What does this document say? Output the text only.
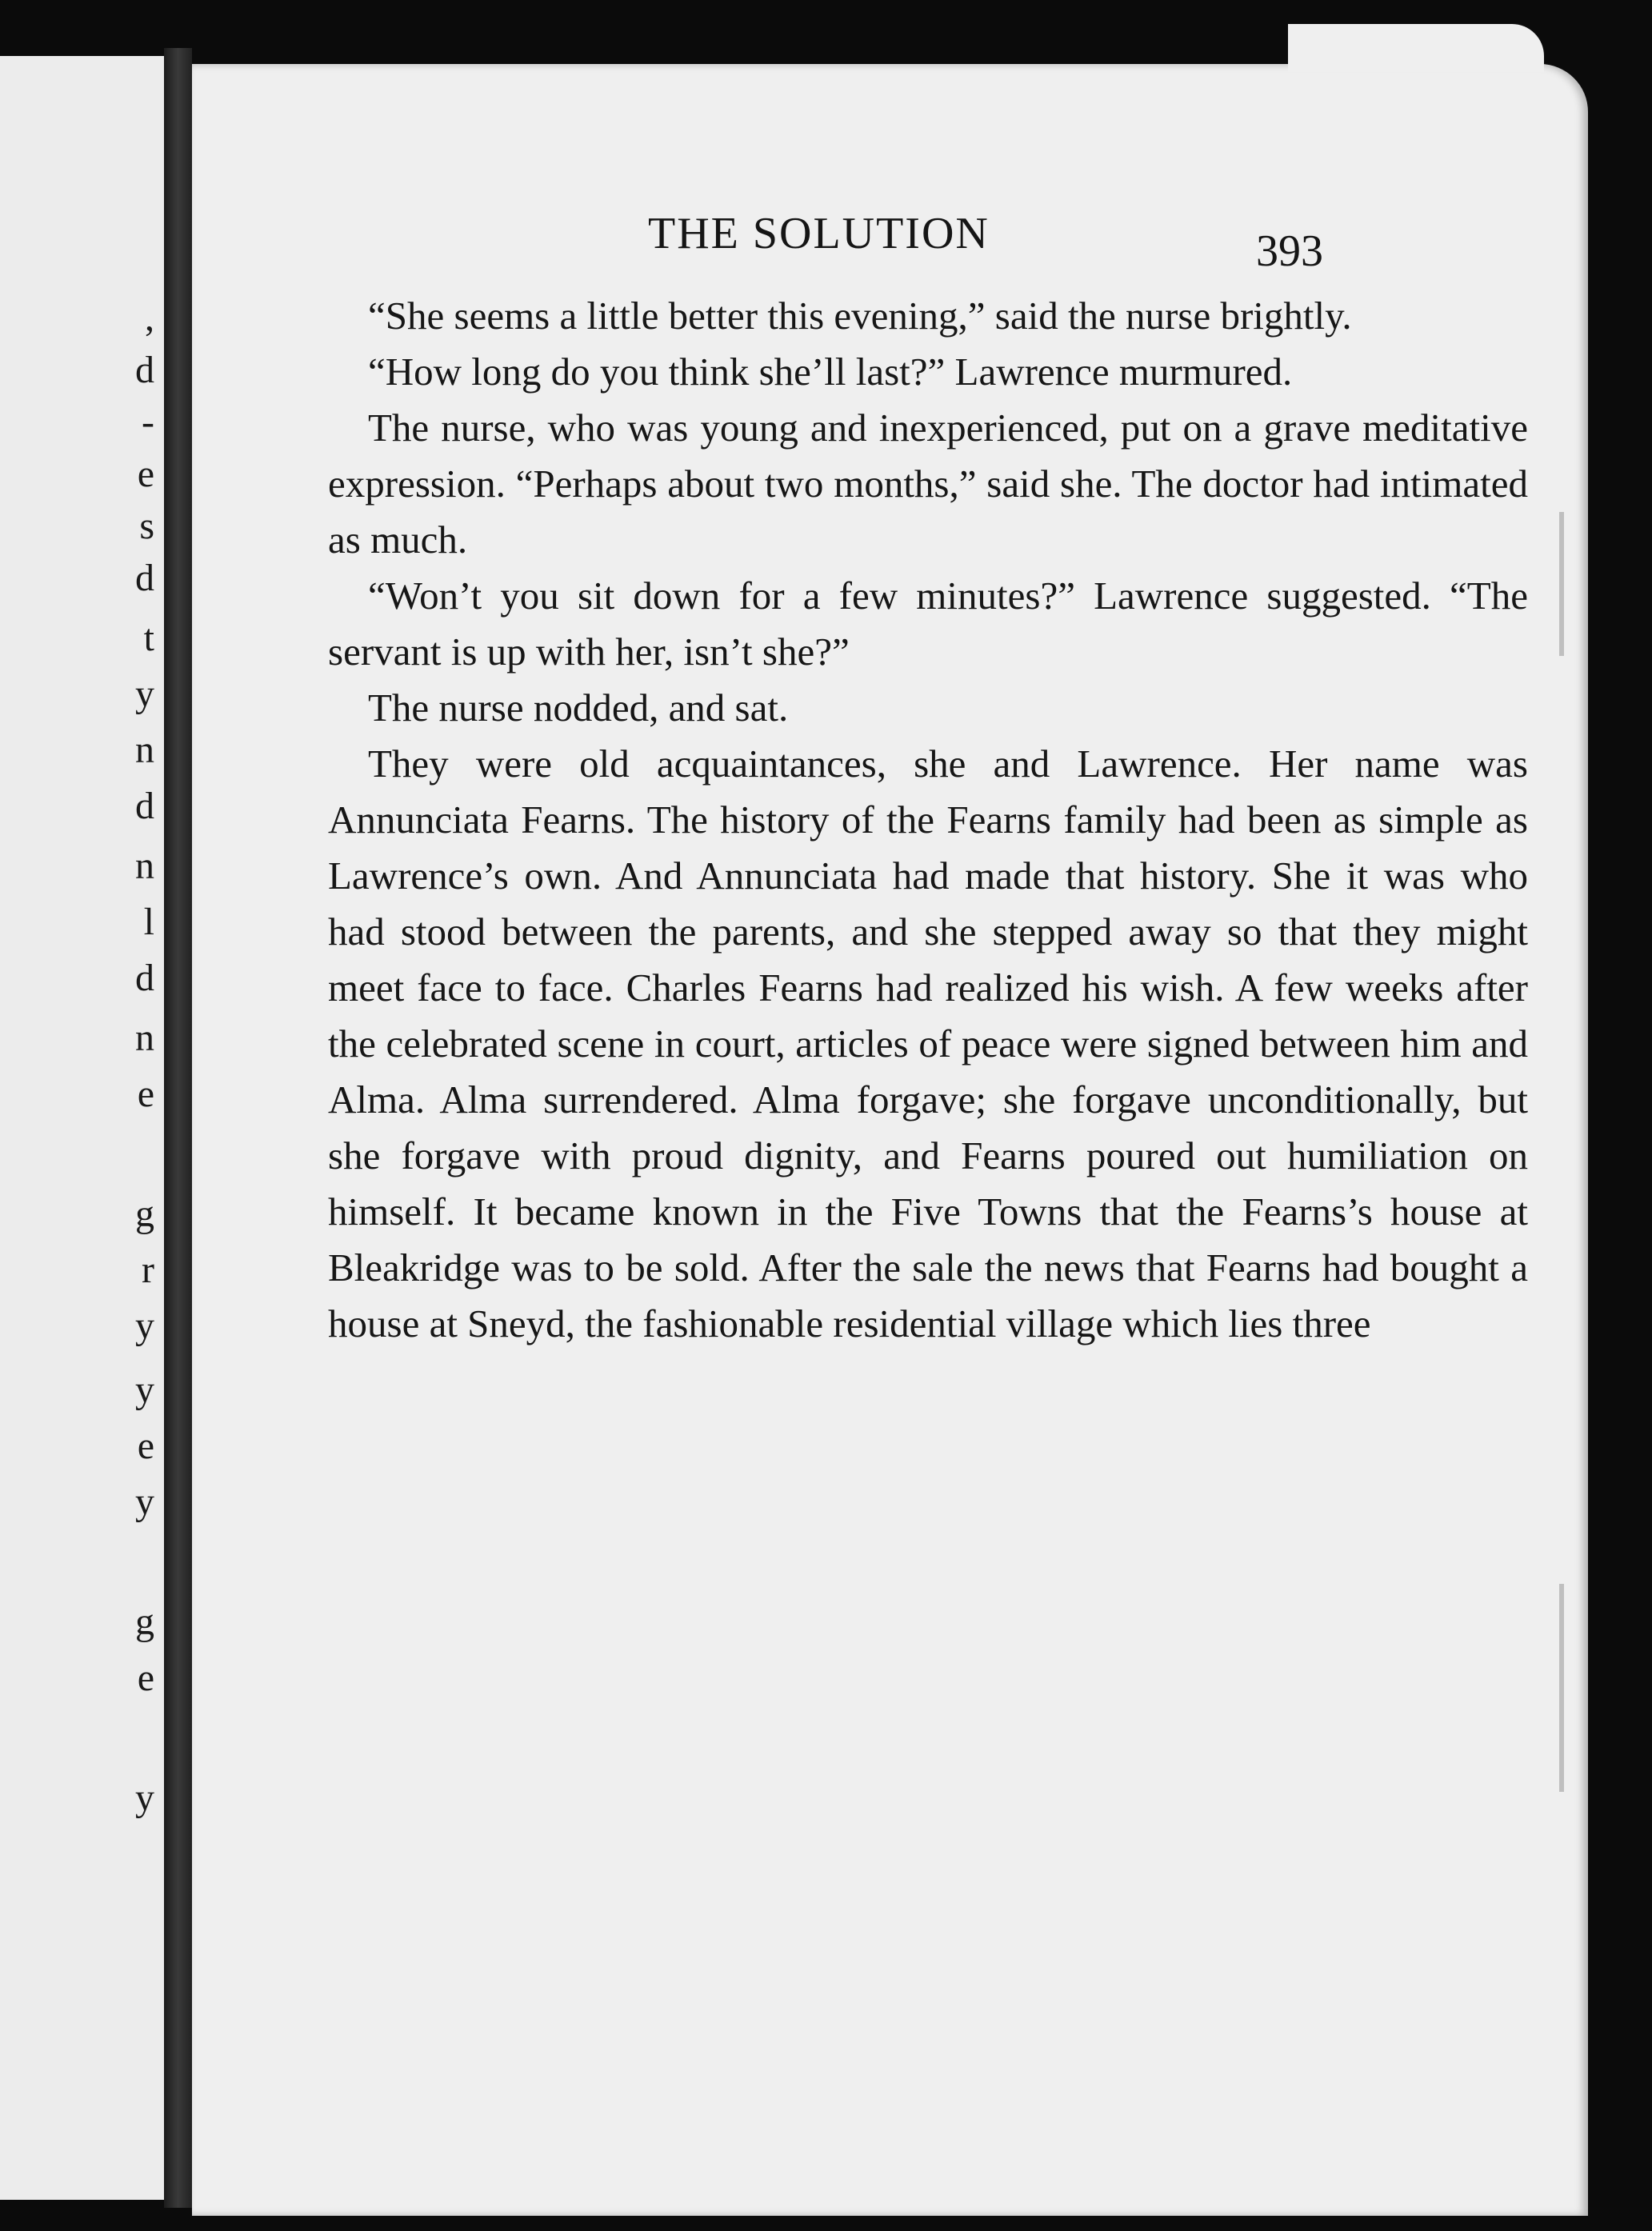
,
d
-
e
s
d
t
y
n
d
n
l
d
n
e
g
r
y
y
e
y
g
e
y
THE SOLUTION	393

“She seems a little better this evening,” said the nurse brightly.

“How long do you think she’ll last?” Lawrence murmured.

The nurse, who was young and inexperienced, put on a grave meditative expression. “Perhaps about two months,” said she. The doctor had intimated as much.

“Won’t you sit down for a few minutes?” Lawrence suggested. “The servant is up with her, isn’t she?”

The nurse nodded, and sat.

They were old acquaintances, she and Lawrence. Her name was Annunciata Fearns. The history of the Fearns family had been as simple as Lawrence’s own. And Annunciata had made that history. She it was who had stood between the parents, and she stepped away so that they might meet face to face. Charles Fearns had realized his wish. A few weeks after the celebrated scene in court, articles of peace were signed between him and Alma. Alma surrendered. Alma forgave; she forgave unconditionally, but she forgave with proud dignity, and Fearns poured out humiliation on himself. It became known in the Five Towns that the Fearns’s house at Bleakridge was to be sold. After the sale the news that Fearns had bought a house at Sneyd, the fashionable residential village which lies three
